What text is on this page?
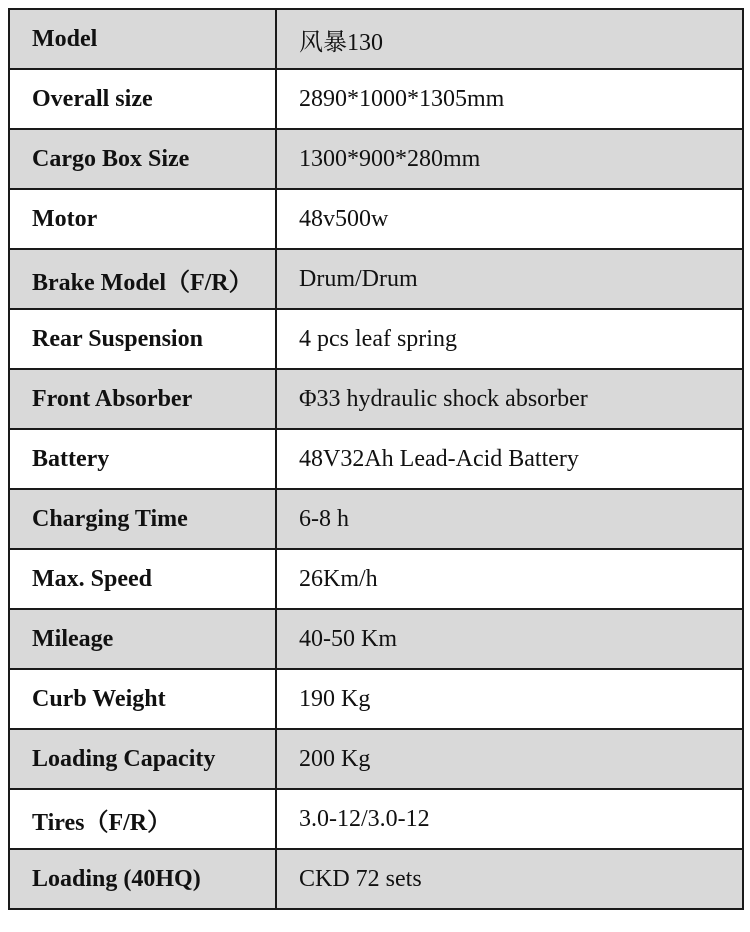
Model	风暴130
Overall size	2890*1000*1305mm
Cargo Box Size	1300*900*280mm
Motor	48v500w
Brake Model（F/R）	Drum/Drum
Rear Suspension	4 pcs leaf spring
Front Absorber	Φ33 hydraulic shock absorber
Battery	48V32Ah Lead-Acid Battery
Charging Time	6-8 h
Max. Speed	26Km/h
Mileage	40-50 Km
Curb Weight	190 Kg
Loading Capacity	200 Kg
Tires（F/R）	3.0-12/3.0-12
Loading (40HQ)	CKD 72 sets
